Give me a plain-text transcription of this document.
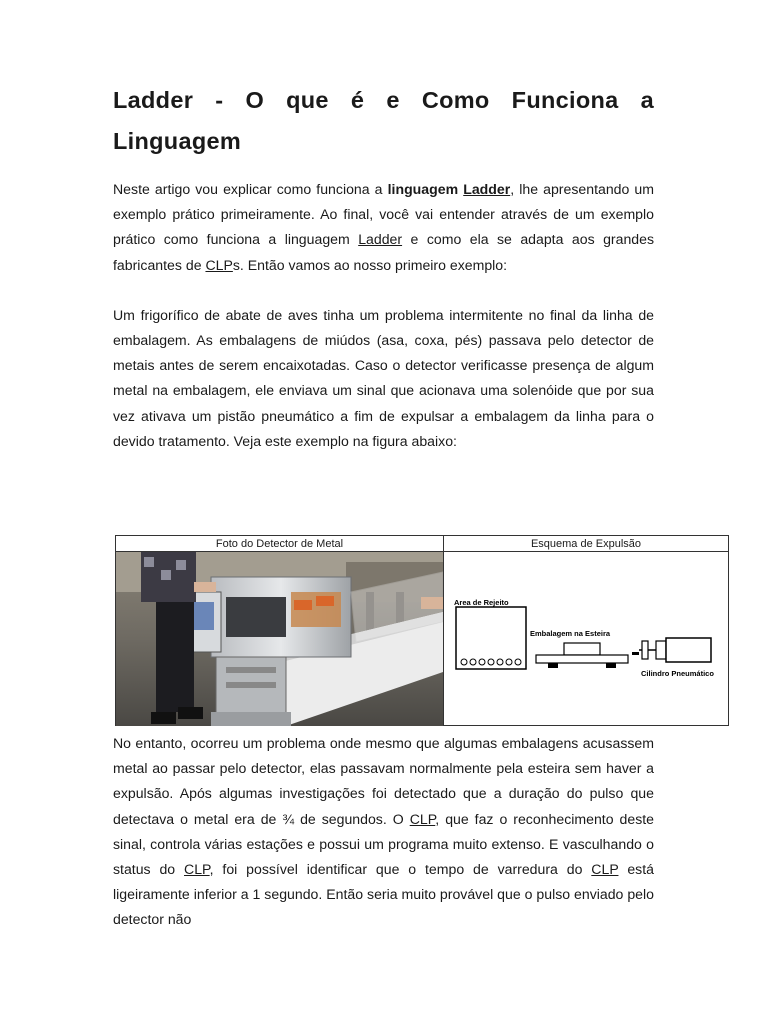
Ladder - O que é e Como Funciona a Linguagem

Neste artigo vou explicar como funciona a linguagem Ladder, lhe apresentando um exemplo prático primeiramente. Ao final, você vai entender através de um exemplo prático como funciona a linguagem Ladder e como ela se adapta aos grandes fabricantes de CLPs. Então vamos ao nosso primeiro exemplo:

Um frigorífico de abate de aves tinha um problema intermitente no final da linha de embalagem. As embalagens de miúdos (asa, coxa, pés) passava pelo detector de metais antes de serem encaixotadas. Caso o detector verificasse presença de algum metal na embalagem, ele enviava um sinal que acionava uma solenóide que por sua vez ativava um pistão pneumático a fim de expulsar a embalagem da linha para o devido tratamento. Veja este exemplo na figura abaixo:

Foto do Detector de Metal	Esquema de Expulsão
Area de Rejeito
Embalagem na Esteira
Cilindro Pneumático

No entanto, ocorreu um problema onde mesmo que algumas embalagens acusassem metal ao passar pelo detector, elas passavam normalmente pela esteira sem haver a expulsão. Após algumas investigações foi detectado que a duração do pulso que detectava o metal era de ¾ de segundos. O CLP, que faz o reconhecimento deste sinal, controla várias estações e possui um programa muito extenso. E vasculhando o status do CLP, foi possível identificar que o tempo de varredura do CLP está ligeiramente inferior a 1 segundo. Então seria muito provável que o pulso enviado pelo detector não
